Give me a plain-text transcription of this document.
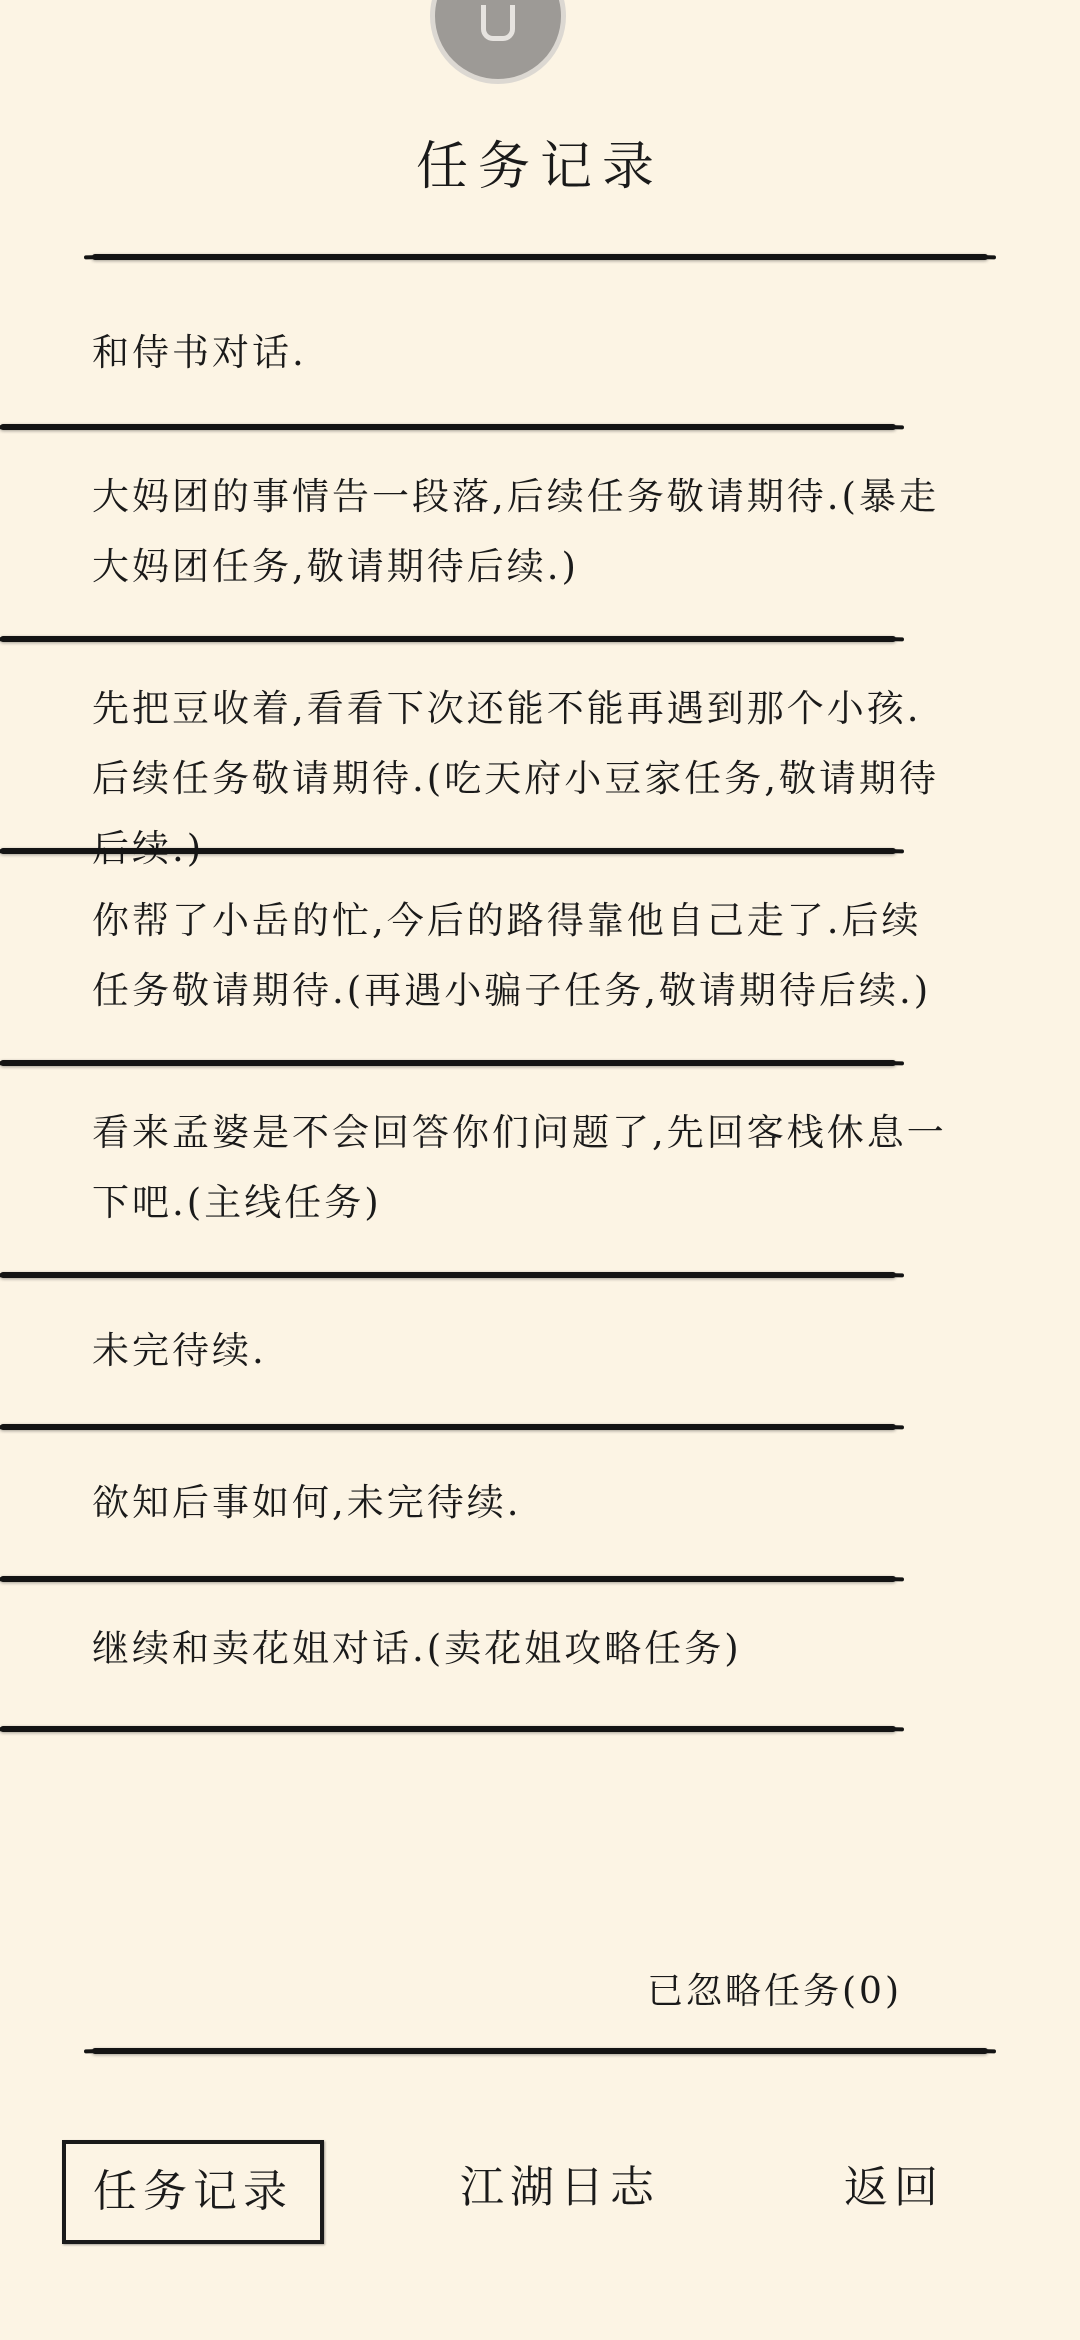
任务记录
和侍书对话.
大妈团的事情告一段落,后续任务敬请期待.(暴走大妈团任务,敬请期待后续.)
先把豆收着,看看下次还能不能再遇到那个小孩.后续任务敬请期待.(吃天府小豆家任务,敬请期待
你帮了小岳的忙,今后的路得靠他自己走了.后续任务敬请期待.(再遇小骗子任务,敬请期待后续.)
看来孟婆是不会回答你们问题了,先回客栈休息一下吧.(主线任务)
未完待续.
欲知后事如何,未完待续.
继续和卖花姐对话.(卖花姐攻略任务)
已忽略任务(0)
任务记录	江湖日志	返回
